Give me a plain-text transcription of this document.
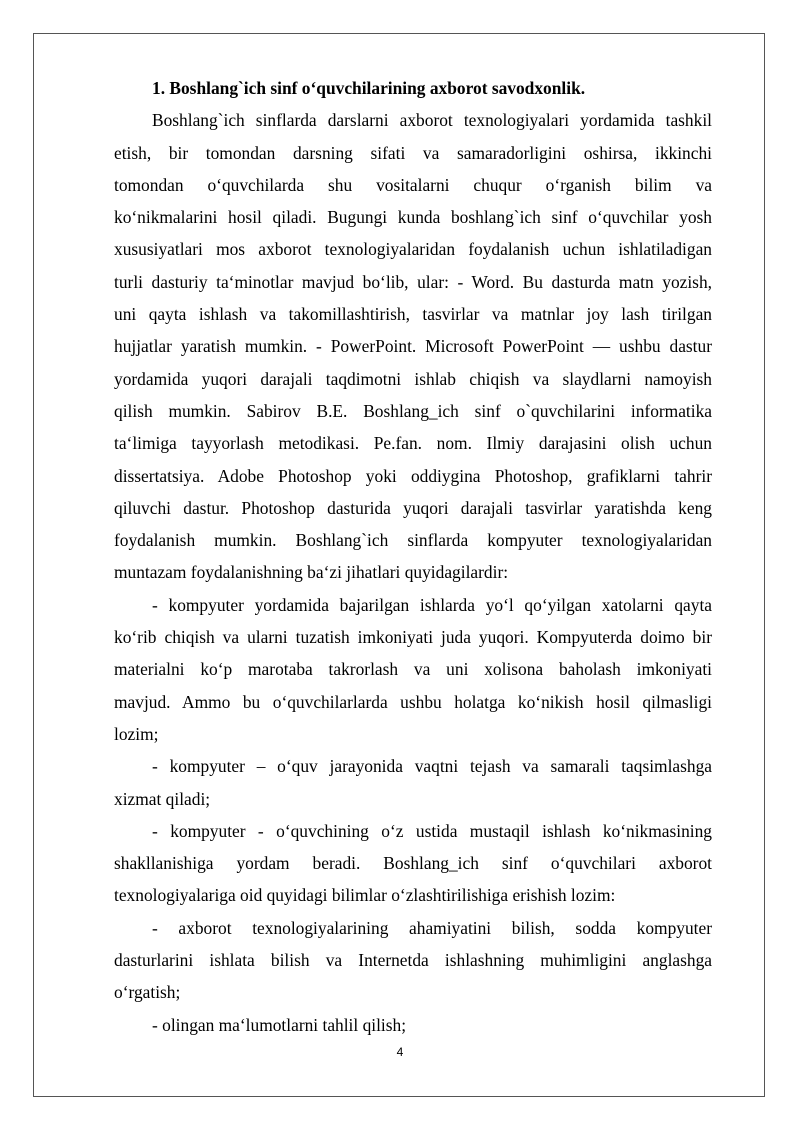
1. Boshlang`ich sinf o‘quvchilarining axborot savodxonlik.
Boshlang`ich sinflarda darslarni axborot texnologiyalari yordamida tashkil
etish, bir tomondan darsning sifati va samaradorligini oshirsa, ikkinchi
tomondan o‘quvchilarda shu vositalarni chuqur o‘rganish bilim va
ko‘nikmalarini hosil qiladi. Bugungi kunda boshlang`ich sinf o‘quvchilar yosh
xususiyatlari mos axborot texnologiyalaridan foydalanish uchun ishlatiladigan
turli dasturiy ta‘minotlar mavjud bo‘lib, ular: - Word. Bu dasturda matn yozish,
uni qayta ishlash va takomillashtirish, tasvirlar va matnlar joy lash tirilgan
hujjatlar yaratish mumkin. - PowerPoint. Microsoft PowerPoint — ushbu dastur
yordamida yuqori darajali taqdimotni ishlab chiqish va slaydlarni namoyish
qilish mumkin. Sabirov B.E. Boshlang_ich sinf o`quvchilarini informatika
ta‘limiga tayyorlash metodikasi. Pe.fan. nom. Ilmiy darajasini olish uchun
dissertatsiya. Adobe Photoshop yoki oddiygina Photoshop, grafiklarni tahrir
qiluvchi dastur. Photoshop dasturida yuqori darajali tasvirlar yaratishda keng
foydalanish mumkin. Boshlang`ich sinflarda kompyuter texnologiyalaridan
muntazam foydalanishning ba‘zi jihatlari quyidagilardir:
- kompyuter yordamida bajarilgan ishlarda yo‘l qo‘yilgan xatolarni qayta
ko‘rib chiqish va ularni tuzatish imkoniyati juda yuqori. Kompyuterda doimo bir
materialni ko‘p marotaba takrorlash va uni xolisona baholash imkoniyati
mavjud. Ammo bu o‘quvchilarlarda ushbu holatga ko‘nikish hosil qilmasligi
lozim;
- kompyuter – o‘quv jarayonida vaqtni tejash va samarali taqsimlashga
xizmat qiladi;
- kompyuter - o‘quvchining o‘z ustida mustaqil ishlash ko‘nikmasining
shakllanishiga yordam beradi. Boshlang_ich sinf o‘quvchilari axborot
texnologiyalariga oid quyidagi bilimlar o‘zlashtirilishiga erishish lozim:
- axborot texnologiyalarining ahamiyatini bilish, sodda kompyuter
dasturlarini ishlata bilish va Internetda ishlashning muhimligini anglashga
o‘rgatish;
- olingan ma‘lumotlarni tahlil qilish;
4
